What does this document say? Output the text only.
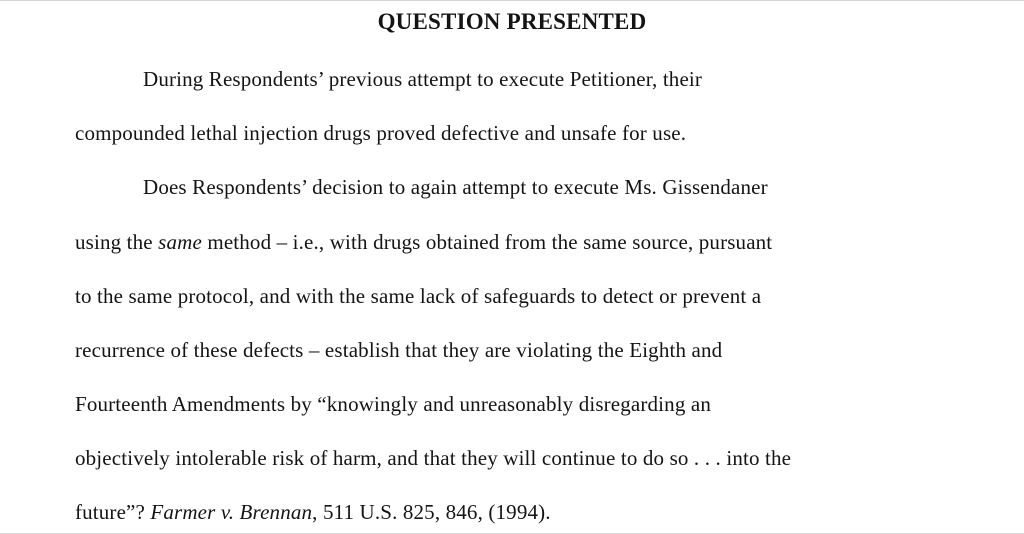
QUESTION PRESENTED
During Respondents’ previous attempt to execute Petitioner, their
compounded lethal injection drugs proved defective and unsafe for use.
Does Respondents’ decision to again attempt to execute Ms. Gissendaner
using the same method – i.e., with drugs obtained from the same source, pursuant
to the same protocol, and with the same lack of safeguards to detect or prevent a
recurrence of these defects – establish that they are violating the Eighth and
Fourteenth Amendments by “knowingly and unreasonably disregarding an
objectively intolerable risk of harm, and that they will continue to do so . . . into the
future”? Farmer v. Brennan, 511 U.S. 825, 846, (1994).
